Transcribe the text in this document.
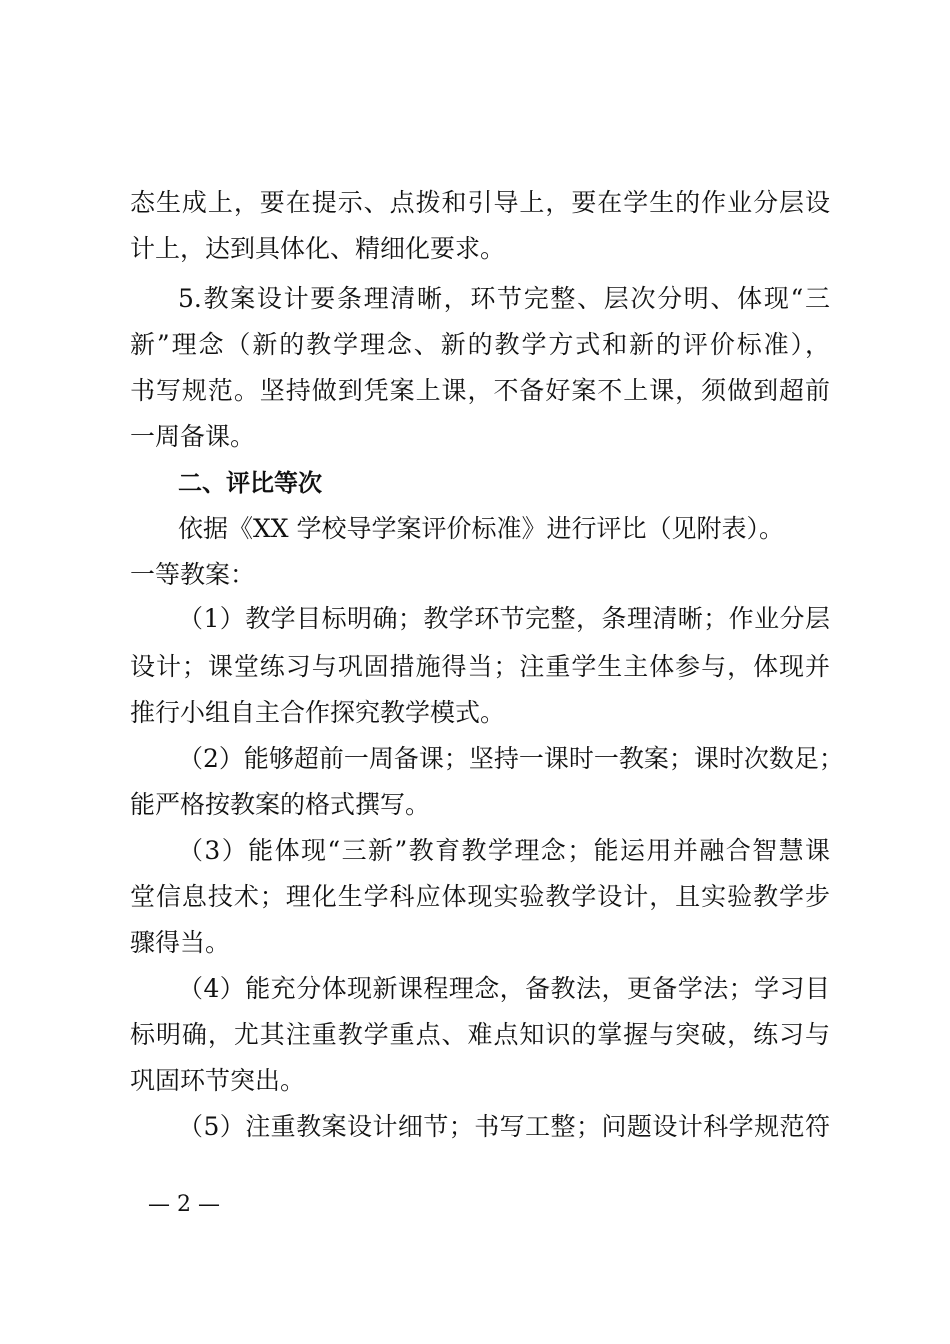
态生成上，要在提示、点拨和引导上，要在学生的作业分层设
计上，达到具体化、精细化要求。
5.教案设计要条理清晰，环节完整、层次分明、体现“三
新”理念（新的教学理念、新的教学方式和新的评价标准），
书写规范。坚持做到凭案上课，不备好案不上课，须做到超前
一周备课。
二、评比等次
依据《XX 学校导学案评价标准》进行评比（见附表）。
一等教案：
（1）教学目标明确；教学环节完整，条理清晰；作业分层
设计；课堂练习与巩固措施得当；注重学生主体参与，体现并
推行小组自主合作探究教学模式。
（2）能够超前一周备课；坚持一课时一教案；课时次数足；
能严格按教案的格式撰写。
（3）能体现“三新”教育教学理念；能运用并融合智慧课
堂信息技术；理化生学科应体现实验教学设计，且实验教学步
骤得当。
（4）能充分体现新课程理念，备教法，更备学法；学习目
标明确，尤其注重教学重点、难点知识的掌握与突破，练习与
巩固环节突出。
（5）注重教案设计细节；书写工整；问题设计科学规范符
— 2 —
